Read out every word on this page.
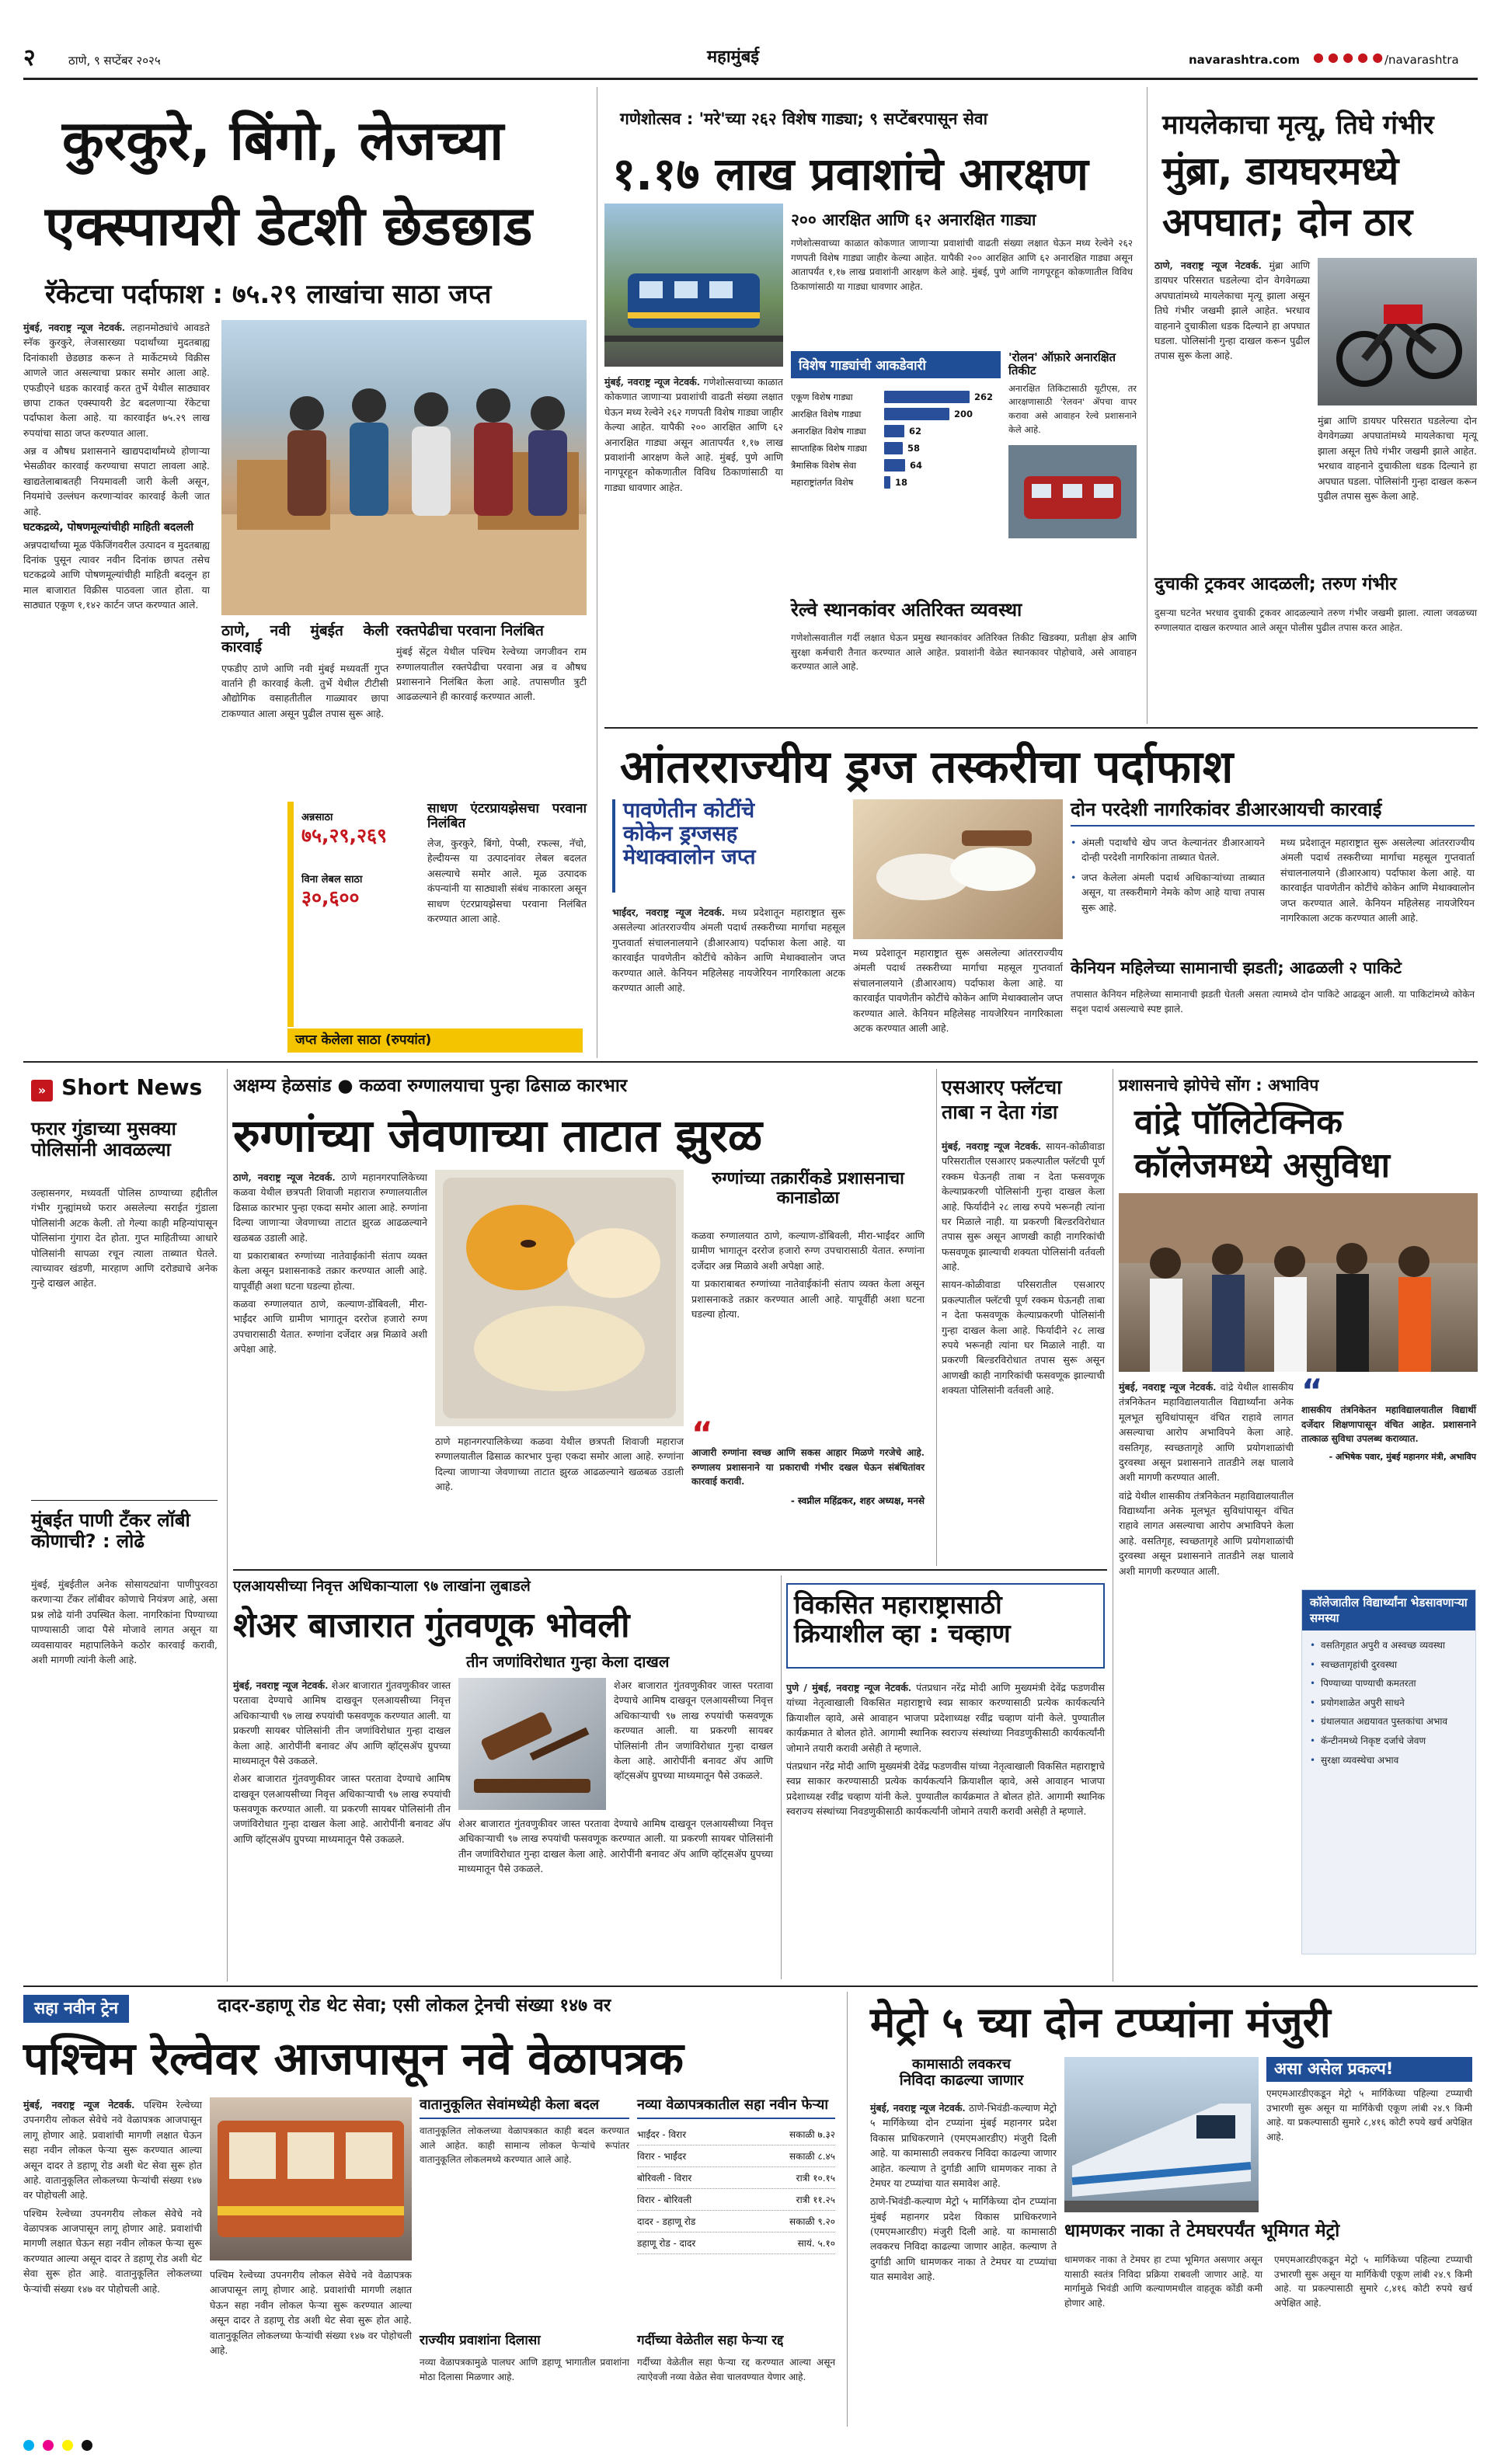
२	ठाणे, ९ सप्टेंबर २०२५	महामुंबई	navarashtra.com ● ● ● ● ● /navarashtra
कुरकुरे, बिंगो, लेजच्या
एक्स्पायरी डेटशी छेडछाड
रॅकेटचा पर्दाफाश : ७५.२९ लाखांचा साठा जप्त

मुंबई, नवराष्ट्र न्यूज नेटवर्क. लहानमोठ्यांचे आवडते स्नॅक कुरकुरे, लेजसारख्या पदार्थांच्या मुदतबाह्य दिनांकाशी छेडछाड करून ते मार्केटमध्ये विक्रीस आणले जात असल्याचा प्रकार समोर आला आहे. एफडीएने धडक कारवाई करत तुर्भे येथील साठ्यावर छापा टाकत एक्स्पायरी डेट बदलणाऱ्या रॅकेटचा पर्दाफाश केला आहे. या कारवाईत ७५.२९ लाख रुपयांचा साठा जप्त करण्यात आला.

अन्न व औषध प्रशासनाने खाद्यपदार्थांमध्ये होणाऱ्या भेसळीवर कारवाई करण्याचा सपाटा लावला आहे. खाद्यतेलाबाबतही नियमावली जारी केली असून, नियमांचे उल्लंघन करणाऱ्यांवर कारवाई केली जात आहे.

घटकद्रव्ये, पोषणमूल्यांचीही माहिती बदलली

अन्नपदार्थांच्या मूळ पॅकेजिंगवरील उत्पादन व मुदतबाह्य दिनांक पुसून त्यावर नवीन दिनांक छापत तसेच घटकद्रव्ये आणि पोषणमूल्यांचीही माहिती बदलून हा माल बाजारात विक्रीस पाठवला जात होता. या साठ्यात एकूण १,१४२ कार्टन जप्त करण्यात आले.

ठाणे, नवी मुंबईत केली कारवाई

एफडीए ठाणे आणि नवी मुंबई मध्यवर्ती गुप्त वार्ताने ही कारवाई केली. तुर्भे येथील टीटीसी औद्योगिक वसाहतीतील गाळ्यावर छापा टाकण्यात आला असून पुढील तपास सुरू आहे.

रक्तपेढीचा परवाना निलंबित

मुंबई सेंट्रल येथील पश्चिम रेल्वेच्या जगजीवन राम रुग्णालयातील रक्तपेढीचा परवाना अन्न व औषध प्रशासनाने निलंबित केला आहे. तपासणीत त्रुटी आढळल्याने ही कारवाई करण्यात आली.

अन्नसाठा
७५,२९,२६९
विना लेबल साठा
३०,६००
जप्त केलेला साठा (रुपयांत)

साधण एंटरप्रायझेसचा परवाना निलंबित

लेज, कुरकुरे, बिंगो, पेप्सी, रफल्स, नॅचो, हेल्दीयन्स या उत्पादनांवर लेबल बदलत असल्याचे समोर आले. मूळ उत्पादक कंपन्यांनी या साठ्याशी संबंध नाकारला असून साधण एंटरप्रायझेसचा परवाना निलंबित करण्यात आला आहे.

गणेशोत्सव : 'मरे'च्या २६२ विशेष गाड्या; ९ सप्टेंबरपासून सेवा
१.१७ लाख प्रवाशांचे आरक्षण
२०० आरक्षित आणि ६२ अनारक्षित गाड्या
गणेशोत्सवाच्या काळात कोकणात जाणाऱ्या प्रवाशांची वाढती संख्या लक्षात घेऊन मध्य रेल्वेने २६२ गणपती विशेष गाड्या जाहीर केल्या आहेत. यापैकी २०० आरक्षित आणि ६२ अनारक्षित गाड्या असून आतापर्यंत १,१७ लाख प्रवाशांनी आरक्षण केले आहे. मुंबई, पुणे आणि नागपूरहून कोकणातील विविध ठिकाणांसाठी या गाड्या धावणार आहेत.

मुंबई, नवराष्ट्र न्यूज नेटवर्क. गणेशोत्सवाच्या काळात कोकणात जाणाऱ्या प्रवाशांची वाढती संख्या लक्षात घेऊन मध्य रेल्वेने २६२ गणपती विशेष गाड्या जाहीर केल्या आहेत. यापैकी २०० आरक्षित आणि ६२ अनारक्षित गाड्या असून आतापर्यंत १,१७ लाख प्रवाशांनी आरक्षण केले आहे. मुंबई, पुणे आणि नागपूरहून कोकणातील विविध ठिकाणांसाठी या गाड्या धावणार आहेत.

विशेष गाड्यांची आकडेवारी
एकूण विशेष गाड्या	262
आरक्षित विशेष गाड्या	200
अनारक्षित विशेष गाड्या	62
साप्ताहिक विशेष गाड्या	58
त्रैमासिक विशेष सेवा	64
महाराष्ट्रांतर्गत विशेष	18
'रोलन' ऑफ़ारे अनारक्षित तिकीट
अनारक्षित तिकिटासाठी यूटीएस, तर आरक्षणासाठी 'रेलवन' ॲपचा वापर करावा असे आवाहन रेल्वे प्रशासनाने केले आहे.
रेल्वे स्थानकांवर अतिरिक्त व्यवस्था
गणेशोत्सवातील गर्दी लक्षात घेऊन प्रमुख स्थानकांवर अतिरिक्त तिकीट खिडक्या, प्रतीक्षा क्षेत्र आणि सुरक्षा कर्मचारी तैनात करण्यात आले आहेत. प्रवाशांनी वेळेत स्थानकावर पोहोचावे, असे आवाहन करण्यात आले आहे.
मायलेकाचा मृत्यू, तिघे गंभीर
मुंब्रा, डायघरमध्ये
अपघात; दोन ठार

ठाणे, नवराष्ट्र न्यूज नेटवर्क. मुंब्रा आणि डायघर परिसरात घडलेल्या दोन वेगवेगळ्या अपघातांमध्ये मायलेकाचा मृत्यू झाला असून तिघे गंभीर जखमी झाले आहेत. भरधाव वाहनाने दुचाकीला धडक दिल्याने हा अपघात घडला. पोलिसांनी गुन्हा दाखल करून पुढील तपास सुरू केला आहे.

मुंब्रा आणि डायघर परिसरात घडलेल्या दोन वेगवेगळ्या अपघातांमध्ये मायलेकाचा मृत्यू झाला असून तिघे गंभीर जखमी झाले आहेत. भरधाव वाहनाने दुचाकीला धडक दिल्याने हा अपघात घडला. पोलिसांनी गुन्हा दाखल करून पुढील तपास सुरू केला आहे.

दुचाकी ट्रकवर आदळली; तरुण गंभीर
दुसऱ्या घटनेत भरधाव दुचाकी ट्रकवर आदळल्याने तरुण गंभीर जखमी झाला. त्याला जवळच्या रुग्णालयात दाखल करण्यात आले असून पोलीस पुढील तपास करत आहेत.
आंतरराज्यीय ड्रग्ज तस्करीचा पर्दाफाश
पावणेतीन कोटींचे
कोकेन ड्रग्जसह
मेथाक्वालोन जप्त
दोन परदेशी नागरिकांवर डीआरआयची कारवाई
• अंमली पदार्थांचे खेप जप्त केल्यानंतर डीआरआयने दोन्ही परदेशी नागरिकांना ताब्यात घेतले.
• जप्त केलेला अंमली पदार्थ अधिकाऱ्यांच्या ताब्यात असून, या तस्करीमागे नेमके कोण आहे याचा तपास सुरू आहे.

मध्य प्रदेशातून महाराष्ट्रात सुरू असलेल्या आंतरराज्यीय अंमली पदार्थ तस्करीच्या मार्गाचा महसूल गुप्तवार्ता संचालनालयाने (डीआरआय) पर्दाफाश केला आहे. या कारवाईत पावणेतीन कोटींचे कोकेन आणि मेथाक्वालोन जप्त करण्यात आले. केनियन महिलेसह नायजेरियन नागरिकाला अटक करण्यात आली आहे.

भाईंदर, नवराष्ट्र न्यूज नेटवर्क. मध्य प्रदेशातून महाराष्ट्रात सुरू असलेल्या आंतरराज्यीय अंमली पदार्थ तस्करीच्या मार्गाचा महसूल गुप्तवार्ता संचालनालयाने (डीआरआय) पर्दाफाश केला आहे. या कारवाईत पावणेतीन कोटींचे कोकेन आणि मेथाक्वालोन जप्त करण्यात आले. केनियन महिलेसह नायजेरियन नागरिकाला अटक करण्यात आली आहे.

मध्य प्रदेशातून महाराष्ट्रात सुरू असलेल्या आंतरराज्यीय अंमली पदार्थ तस्करीच्या मार्गाचा महसूल गुप्तवार्ता संचालनालयाने (डीआरआय) पर्दाफाश केला आहे. या कारवाईत पावणेतीन कोटींचे कोकेन आणि मेथाक्वालोन जप्त करण्यात आले. केनियन महिलेसह नायजेरियन नागरिकाला अटक करण्यात आली आहे.

केनियन महिलेच्या सामानाची झडती; आढळली २ पाकिटे
तपासात केनियन महिलेच्या सामानाची झडती घेतली असता त्यामध्ये दोन पाकिटे आढळून आली. या पाकिटांमध्ये कोकेन सदृश पदार्थ असल्याचे स्पष्ट झाले.
» Short News
फरार गुंडाच्या मुसक्या पोलिसांनी आवळल्या
उल्हासनगर, मध्यवर्ती पोलिस ठाण्याच्या हद्दीतील गंभीर गुन्ह्यांमध्ये फरार असलेल्या सराईत गुंडाला पोलिसांनी अटक केली. तो गेल्या काही महिन्यांपासून पोलिसांना गुंगारा देत होता. गुप्त माहितीच्या आधारे पोलिसांनी सापळा रचून त्याला ताब्यात घेतले. त्याच्यावर खंडणी, मारहाण आणि दरोड्याचे अनेक गुन्हे दाखल आहेत.
मुंबईत पाणी टँकर लॉबी कोणाची? : लोढे
मुंबई, मुंबईतील अनेक सोसायट्यांना पाणीपुरवठा करणाऱ्या टँकर लॉबीवर कोणाचे नियंत्रण आहे, असा प्रश्न लोढे यांनी उपस्थित केला. नागरिकांना पिण्याच्या पाण्यासाठी जादा पैसे मोजावे लागत असून या व्यवसायावर महापालिकेने कठोर कारवाई करावी, अशी मागणी त्यांनी केली आहे.
अक्षम्य हेळसांड ● कळवा रुग्णालयाचा पुन्हा ढिसाळ कारभार
रुग्णांच्या जेवणाच्या ताटात झुरळ

ठाणे, नवराष्ट्र न्यूज नेटवर्क. ठाणे महानगरपालिकेच्या कळवा येथील छत्रपती शिवाजी महाराज रुग्णालयातील ढिसाळ कारभार पुन्हा एकदा समोर आला आहे. रुग्णांना दिल्या जाणाऱ्या जेवणाच्या ताटात झुरळ आढळल्याने खळबळ उडाली आहे.

या प्रकाराबाबत रुग्णांच्या नातेवाईकांनी संताप व्यक्त केला असून प्रशासनाकडे तक्रार करण्यात आली आहे. यापूर्वीही अशा घटना घडल्या होत्या.

कळवा रुग्णालयात ठाणे, कल्याण-डोंबिवली, मीरा-भाईंदर आणि ग्रामीण भागातून दररोज हजारो रुग्ण उपचारासाठी येतात. रुग्णांना दर्जेदार अन्न मिळावे अशी अपेक्षा आहे.

रुग्णांच्या तक्रारींकडे प्रशासनाचा कानाडोळा

कळवा रुग्णालयात ठाणे, कल्याण-डोंबिवली, मीरा-भाईंदर आणि ग्रामीण भागातून दररोज हजारो रुग्ण उपचारासाठी येतात. रुग्णांना दर्जेदार अन्न मिळावे अशी अपेक्षा आहे.

या प्रकाराबाबत रुग्णांच्या नातेवाईकांनी संताप व्यक्त केला असून प्रशासनाकडे तक्रार करण्यात आली आहे. यापूर्वीही अशा घटना घडल्या होत्या.

ठाणे महानगरपालिकेच्या कळवा येथील छत्रपती शिवाजी महाराज रुग्णालयातील ढिसाळ कारभार पुन्हा एकदा समोर आला आहे. रुग्णांना दिल्या जाणाऱ्या जेवणाच्या ताटात झुरळ आढळल्याने खळबळ उडाली आहे.

“
आजारी रुग्णांना स्वच्छ आणि सकस आहार मिळणे गरजेचे आहे. रुग्णालय प्रशासनाने या प्रकाराची गंभीर दखल घेऊन संबंधितांवर कारवाई करावी.
- स्वप्नील महिंद्रकर, शहर अध्यक्ष, मनसे
एसआरए फ्लॅटचा
ताबा न देता गंडा

मुंबई, नवराष्ट्र न्यूज नेटवर्क. सायन-कोळीवाडा परिसरातील एसआरए प्रकल्पातील फ्लॅटची पूर्ण रक्कम घेऊनही ताबा न देता फसवणूक केल्याप्रकरणी पोलिसांनी गुन्हा दाखल केला आहे. फिर्यादीने २८ लाख रुपये भरूनही त्यांना घर मिळाले नाही. या प्रकरणी बिल्डरविरोधात तपास सुरू असून आणखी काही नागरिकांची फसवणूक झाल्याची शक्यता पोलिसांनी वर्तवली आहे.

सायन-कोळीवाडा परिसरातील एसआरए प्रकल्पातील फ्लॅटची पूर्ण रक्कम घेऊनही ताबा न देता फसवणूक केल्याप्रकरणी पोलिसांनी गुन्हा दाखल केला आहे. फिर्यादीने २८ लाख रुपये भरूनही त्यांना घर मिळाले नाही. या प्रकरणी बिल्डरविरोधात तपास सुरू असून आणखी काही नागरिकांची फसवणूक झाल्याची शक्यता पोलिसांनी वर्तवली आहे.

प्रशासनाचे झोपेचे सोंग : अभाविप
वांद्रे पॉलिटेक्निक
कॉलेजमध्ये असुविधा

मुंबई, नवराष्ट्र न्यूज नेटवर्क. वांद्रे येथील शासकीय तंत्रनिकेतन महाविद्यालयातील विद्यार्थ्यांना अनेक मूलभूत सुविधांपासून वंचित राहावे लागत असल्याचा आरोप अभाविपने केला आहे. वसतिगृह, स्वच्छतागृहे आणि प्रयोगशाळांची दुरवस्था असून प्रशासनाने तातडीने लक्ष घालावे अशी मागणी करण्यात आली.

वांद्रे येथील शासकीय तंत्रनिकेतन महाविद्यालयातील विद्यार्थ्यांना अनेक मूलभूत सुविधांपासून वंचित राहावे लागत असल्याचा आरोप अभाविपने केला आहे. वसतिगृह, स्वच्छतागृहे आणि प्रयोगशाळांची दुरवस्था असून प्रशासनाने तातडीने लक्ष घालावे अशी मागणी करण्यात आली.

“
शासकीय तंत्रनिकेतन महाविद्यालयातील विद्यार्थी दर्जेदार शिक्षणापासून वंचित आहेत. प्रशासनाने तात्काळ सुविधा उपलब्ध कराव्यात.
- अभिषेक पवार, मुंबई महानगर मंत्री, अभाविप
कॉलेजातील विद्यार्थ्यांना भेडसावणाऱ्या समस्या
• वसतिगृहात अपुरी व अस्वच्छ व्यवस्था
• स्वच्छतागृहांची दुरवस्था
• पिण्याच्या पाण्याची कमतरता
• प्रयोगशाळेत अपुरी साधने
• ग्रंथालयात अद्ययावत पुस्तकांचा अभाव
• कॅन्टीनमध्ये निकृष्ट दर्जाचे जेवण
• सुरक्षा व्यवस्थेचा अभाव
एलआयसीच्या निवृत्त अधिकाऱ्याला ९७ लाखांना लुबाडले
शेअर बाजारात गुंतवणूक भोवली
तीन जणांविरोधात गुन्हा केला दाखल

मुंबई, नवराष्ट्र न्यूज नेटवर्क. शेअर बाजारात गुंतवणुकीवर जास्त परतावा देण्याचे आमिष दाखवून एलआयसीच्या निवृत्त अधिकाऱ्याची ९७ लाख रुपयांची फसवणूक करण्यात आली. या प्रकरणी सायबर पोलिसांनी तीन जणांविरोधात गुन्हा दाखल केला आहे. आरोपींनी बनावट ॲप आणि व्हॉट्सॲप ग्रुपच्या माध्यमातून पैसे उकळले.

शेअर बाजारात गुंतवणुकीवर जास्त परतावा देण्याचे आमिष दाखवून एलआयसीच्या निवृत्त अधिकाऱ्याची ९७ लाख रुपयांची फसवणूक करण्यात आली. या प्रकरणी सायबर पोलिसांनी तीन जणांविरोधात गुन्हा दाखल केला आहे. आरोपींनी बनावट ॲप आणि व्हॉट्सॲप ग्रुपच्या माध्यमातून पैसे उकळले.

शेअर बाजारात गुंतवणुकीवर जास्त परतावा देण्याचे आमिष दाखवून एलआयसीच्या निवृत्त अधिकाऱ्याची ९७ लाख रुपयांची फसवणूक करण्यात आली. या प्रकरणी सायबर पोलिसांनी तीन जणांविरोधात गुन्हा दाखल केला आहे. आरोपींनी बनावट ॲप आणि व्हॉट्सॲप ग्रुपच्या माध्यमातून पैसे उकळले.

शेअर बाजारात गुंतवणुकीवर जास्त परतावा देण्याचे आमिष दाखवून एलआयसीच्या निवृत्त अधिकाऱ्याची ९७ लाख रुपयांची फसवणूक करण्यात आली. या प्रकरणी सायबर पोलिसांनी तीन जणांविरोधात गुन्हा दाखल केला आहे. आरोपींनी बनावट ॲप आणि व्हॉट्सॲप ग्रुपच्या माध्यमातून पैसे उकळले.

विकसित महाराष्ट्रासाठी
क्रियाशील व्हा : चव्हाण

पुणे / मुंबई, नवराष्ट्र न्यूज नेटवर्क. पंतप्रधान नरेंद्र मोदी आणि मुख्यमंत्री देवेंद्र फडणवीस यांच्या नेतृत्वाखाली विकसित महाराष्ट्राचे स्वप्न साकार करण्यासाठी प्रत्येक कार्यकर्त्याने क्रियाशील व्हावे, असे आवाहन भाजपा प्रदेशाध्यक्ष रवींद्र चव्हाण यांनी केले. पुण्यातील कार्यक्रमात ते बोलत होते. आगामी स्थानिक स्वराज्य संस्थांच्या निवडणुकीसाठी कार्यकर्त्यांनी जोमाने तयारी करावी असेही ते म्हणाले.

पंतप्रधान नरेंद्र मोदी आणि मुख्यमंत्री देवेंद्र फडणवीस यांच्या नेतृत्वाखाली विकसित महाराष्ट्राचे स्वप्न साकार करण्यासाठी प्रत्येक कार्यकर्त्याने क्रियाशील व्हावे, असे आवाहन भाजपा प्रदेशाध्यक्ष रवींद्र चव्हाण यांनी केले. पुण्यातील कार्यक्रमात ते बोलत होते. आगामी स्थानिक स्वराज्य संस्थांच्या निवडणुकीसाठी कार्यकर्त्यांनी जोमाने तयारी करावी असेही ते म्हणाले.

सहा नवीन ट्रेन	दादर-डहाणू रोड थेट सेवा; एसी लोकल ट्रेनची संख्या १४७ वर
पश्चिम रेल्वेवर आजपासून नवे वेळापत्रक

मुंबई, नवराष्ट्र न्यूज नेटवर्क. पश्चिम रेल्वेच्या उपनगरीय लोकल सेवेचे नवे वेळापत्रक आजपासून लागू होणार आहे. प्रवाशांची मागणी लक्षात घेऊन सहा नवीन लोकल फेऱ्या सुरू करण्यात आल्या असून दादर ते डहाणू रोड अशी थेट सेवा सुरू होत आहे. वातानुकूलित लोकलच्या फेऱ्यांची संख्या १४७ वर पोहोचली आहे.

पश्चिम रेल्वेच्या उपनगरीय लोकल सेवेचे नवे वेळापत्रक आजपासून लागू होणार आहे. प्रवाशांची मागणी लक्षात घेऊन सहा नवीन लोकल फेऱ्या सुरू करण्यात आल्या असून दादर ते डहाणू रोड अशी थेट सेवा सुरू होत आहे. वातानुकूलित लोकलच्या फेऱ्यांची संख्या १४७ वर पोहोचली आहे.

पश्चिम रेल्वेच्या उपनगरीय लोकल सेवेचे नवे वेळापत्रक आजपासून लागू होणार आहे. प्रवाशांची मागणी लक्षात घेऊन सहा नवीन लोकल फेऱ्या सुरू करण्यात आल्या असून दादर ते डहाणू रोड अशी थेट सेवा सुरू होत आहे. वातानुकूलित लोकलच्या फेऱ्यांची संख्या १४७ वर पोहोचली आहे.

वातानुकूलित सेवांमध्येही केला बदल
वातानुकूलित लोकलच्या वेळापत्रकात काही बदल करण्यात आले आहेत. काही सामान्य लोकल फेऱ्यांचे रूपांतर वातानुकूलित लोकलमध्ये करण्यात आले आहे.
नव्या वेळापत्रकातील सहा नवीन फेऱ्या
भाईंदर - विरार	सकाळी ७.३२
विरार - भाईंदर	सकाळी ८.४५
बोरिवली - विरार	रात्री १०.१५
विरार - बोरिवली	रात्री ११.२५
दादर - डहाणू रोड	सकाळी ९.२०
डहाणू रोड - दादर	सायं. ५.१०
राज्यीय प्रवाशांना दिलासा
नव्या वेळापत्रकामुळे पालघर आणि डहाणू भागातील प्रवाशांना मोठा दिलासा मिळणार आहे.
गर्दीच्या वेळेतील सहा फेऱ्या रद्द
गर्दीच्या वेळेतील सहा फेऱ्या रद्द करण्यात आल्या असून त्याऐवजी नव्या वेळेत सेवा चालवण्यात येणार आहे.
मेट्रो ५ च्या दोन टप्प्यांना मंजुरी
कामासाठी लवकरच
निविदा काढल्या जाणार

मुंबई, नवराष्ट्र न्यूज नेटवर्क. ठाणे-भिवंडी-कल्याण मेट्रो ५ मार्गिकेच्या दोन टप्प्यांना मुंबई महानगर प्रदेश विकास प्राधिकरणाने (एमएमआरडीए) मंजुरी दिली आहे. या कामासाठी लवकरच निविदा काढल्या जाणार आहेत. कल्याण ते दुर्गाडी आणि धामणकर नाका ते टेमघर या टप्प्यांचा यात समावेश आहे.

ठाणे-भिवंडी-कल्याण मेट्रो ५ मार्गिकेच्या दोन टप्प्यांना मुंबई महानगर प्रदेश विकास प्राधिकरणाने (एमएमआरडीए) मंजुरी दिली आहे. या कामासाठी लवकरच निविदा काढल्या जाणार आहेत. कल्याण ते दुर्गाडी आणि धामणकर नाका ते टेमघर या टप्प्यांचा यात समावेश आहे.

असा असेल प्रकल्प!
एमएमआरडीएकडून मेट्रो ५ मार्गिकेच्या पहिल्या टप्प्याची उभारणी सुरू असून या मार्गिकेची एकूण लांबी २४.९ किमी आहे. या प्रकल्पासाठी सुमारे ८,४१६ कोटी रुपये खर्च अपेक्षित आहे.
धामणकर नाका ते टेमघरपर्यंत भूमिगत मेट्रो
धामणकर नाका ते टेमघर हा टप्पा भूमिगत असणार असून यासाठी स्वतंत्र निविदा प्रक्रिया राबवली जाणार आहे. या मार्गामुळे भिवंडी आणि कल्याणमधील वाहतूक कोंडी कमी होणार आहे.
एमएमआरडीएकडून मेट्रो ५ मार्गिकेच्या पहिल्या टप्प्याची उभारणी सुरू असून या मार्गिकेची एकूण लांबी २४.९ किमी आहे. या प्रकल्पासाठी सुमारे ८,४१६ कोटी रुपये खर्च अपेक्षित आहे.
